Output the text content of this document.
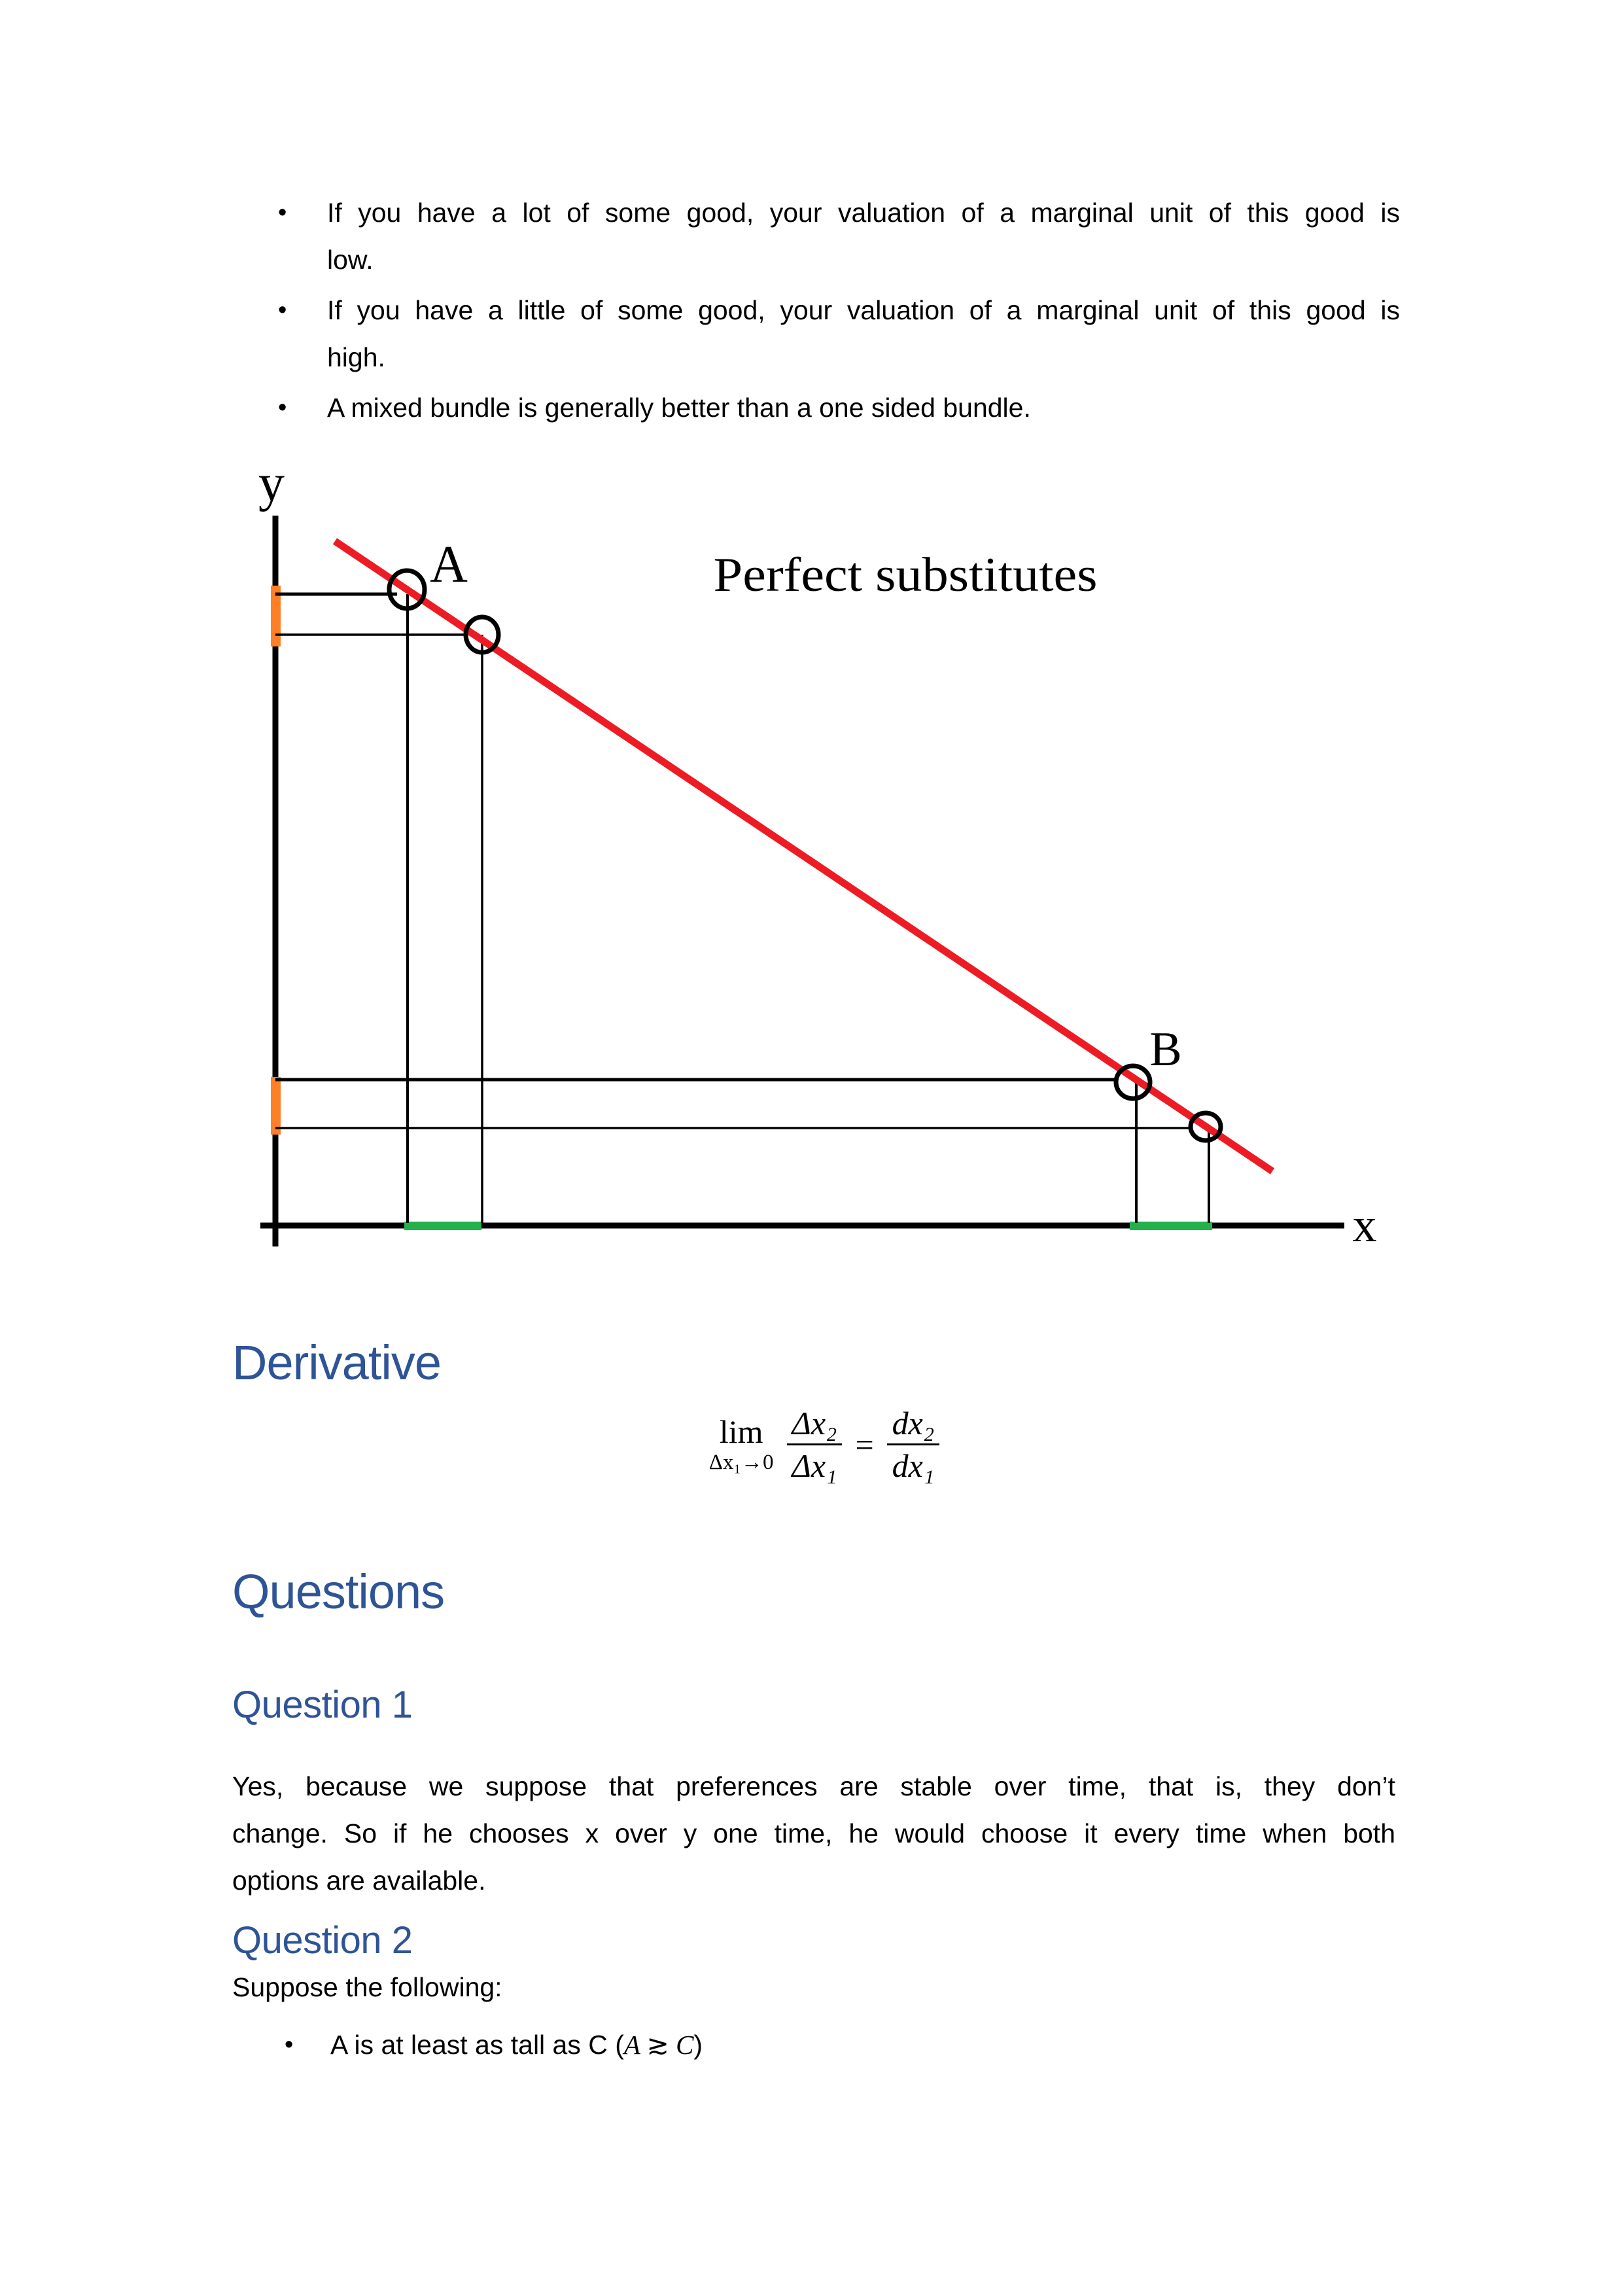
•	If you have a lot of some good, your valuation of a marginal unit of this good is
low.
•	If you have a little of some good, your valuation of a marginal unit of this good is
high.
•	A mixed bundle is generally better than a one sided bundle.
y
x
A
B
Perfect substitutes
Derivative
lim
$\Delta x_1\to 0 \frac{\text{Δx₂}}{\text{Δx₁}} = \frac{\text{dx₂}}{\text{dx₁}}$
Questions
Question 1
Yes, because we suppose that preferences are stable over time, that is, they don’t
change. So if he chooses x over y one time, he would choose it every time when both
options are available.
Question 2
Suppose the following:
•	A is at least as tall as C (A ≳ C)
